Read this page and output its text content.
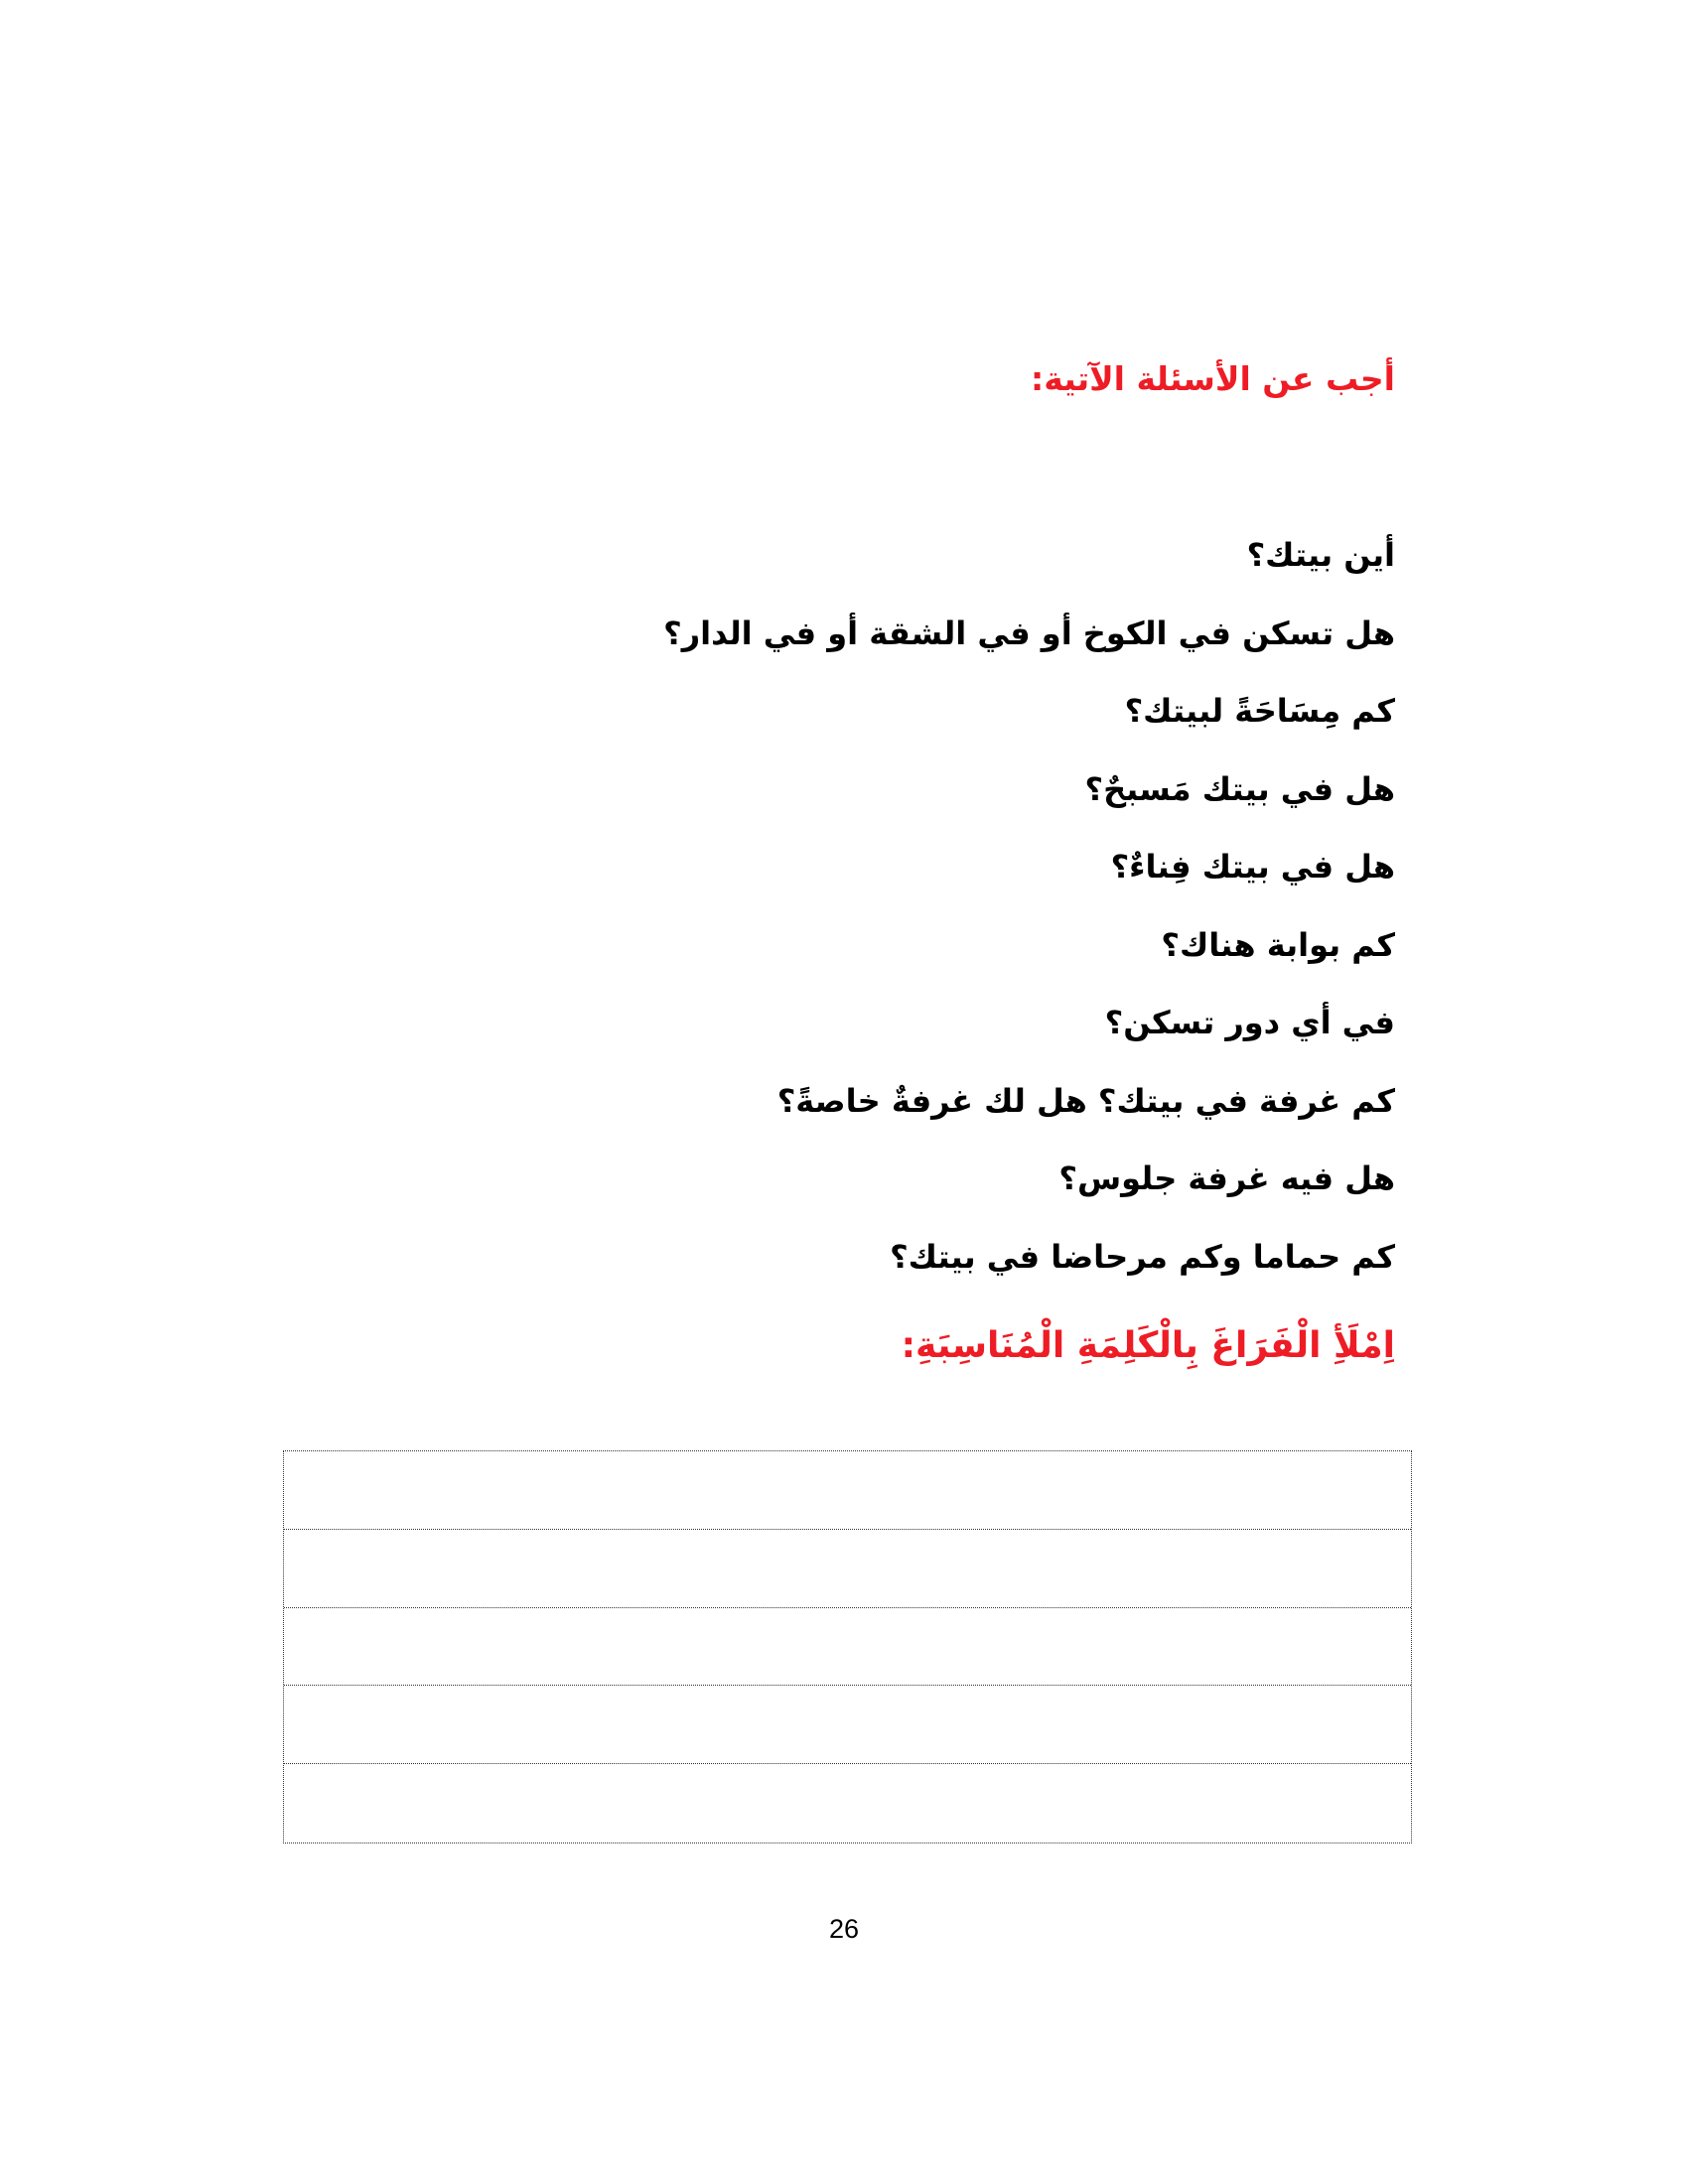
أجب عن الأسئلة الآتية:
أين بيتك؟
هل تسكن في الكوخ أو في الشقة أو في الدار؟
كم مِسَاحَةً لبيتك؟
هل في بيتك مَسبحٌ؟
هل في بيتك فِناءٌ؟
كم بوابة هناك؟
في أي دور تسكن؟
كم غرفة في بيتك؟ هل لك غرفةٌ خاصةً؟
هل فيه غرفة جلوس؟
كم حماما وكم مرحاضا في بيتك؟
اِمْلَأِ الْفَرَاغَ بِالْكَلِمَةِ الْمُنَاسِبَةِ:
26
